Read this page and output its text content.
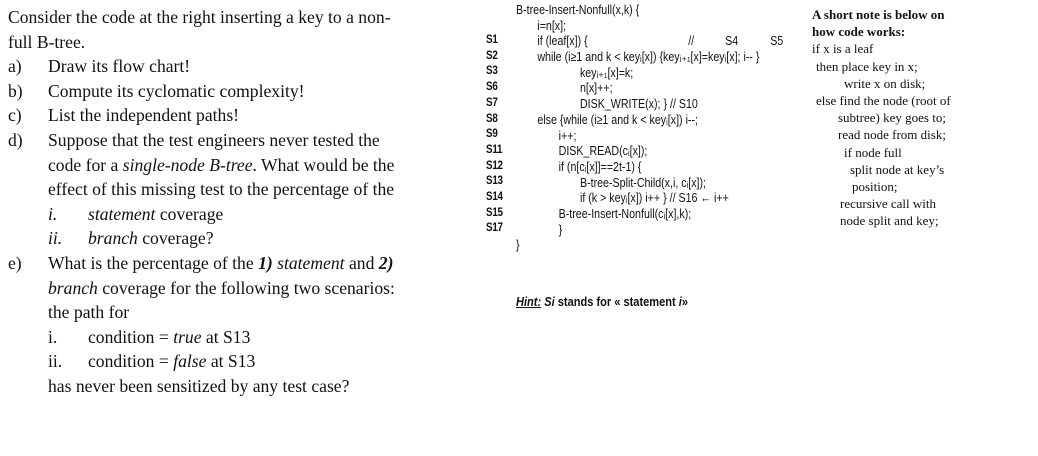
Consider the code at the right inserting a key to a non-
full B-tree.
a)	Draw its flow chart!
b)	Compute its cyclomatic complexity!
c)	List the independent paths!
d)	Suppose that the test engineers never tested the
code for a single-node B-tree. What would be the
effect of this missing test to the percentage of the
i.	statement coverage
ii.	branch coverage?
e)	What is the percentage of the 1) statement and 2)
branch coverage for the following two scenarios:
the path for
i.	condition = true at S13
ii.	condition = false at S13
has never been sensitized by any test case?
S1
S2
S3
S6
S7
S8
S9
S11
S12
S13
S14
S15
S17
B-tree-Insert-Nonfull(x,k) {
i=n[x];
if (leaf[x]) {	// S4 S5
while (i≥1 and k < keyᵢ[x]) {keyᵢ₊₁[x]=keyᵢ[x]; i-- }
keyᵢ₊₁[x]=k;
n[x]++;
DISK_WRITE(x); } // S10
else {while (i≥1 and k < keyᵢ[x]) i--;
i++;
DISK_READ(cᵢ[x]);
if (n[cᵢ[x]]==2t-1) {
B-tree-Split-Child(x,i, cᵢ[x]);
if (k > keyᵢ[x]) i++ } // S16 ← i++
B-tree-Insert-Nonfull(cᵢ[x],k);
}
}
Hint: Si stands for « statement i»
A short note is below on
how code works:
if x is a leaf
then place key in x;
write x on disk;
else find the node (root of
subtree) key goes to;
read node from disk;
if node full
split node at key’s
position;
recursive call with
node split and key;
